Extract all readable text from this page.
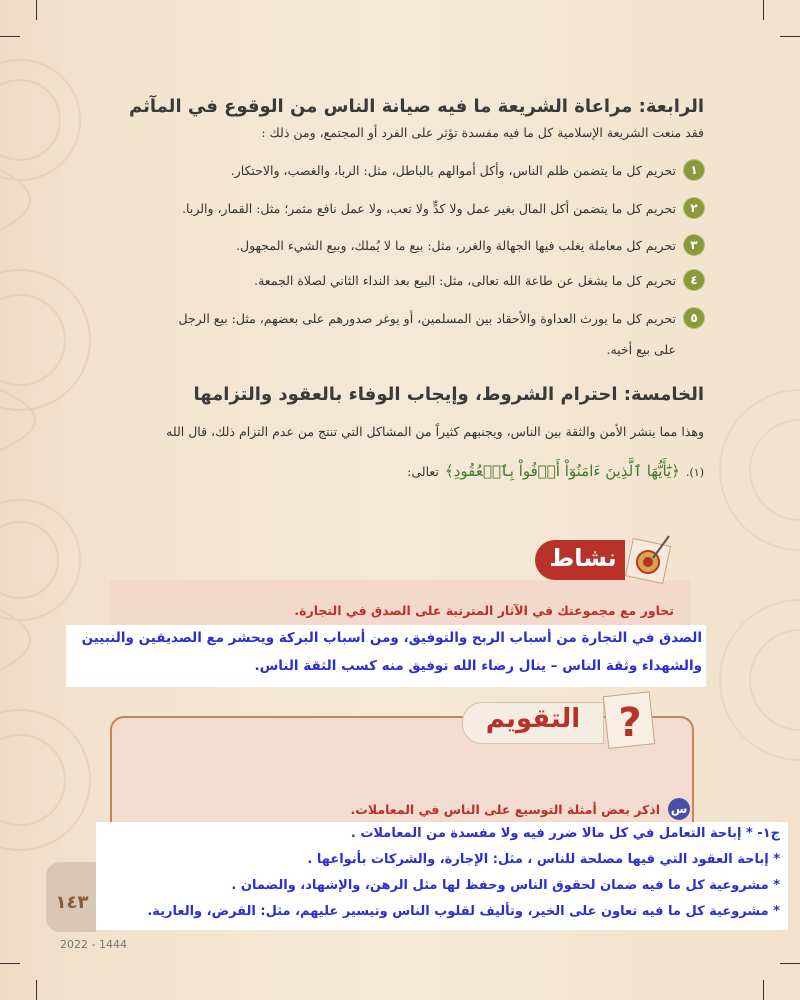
الرابعة: مراعاة الشريعة ما فيه صيانة الناس من الوقوع في المآثم
فقد منعت الشريعة الإسلامية كل ما فيه مفسدة تؤثر على الفرد أو المجتمع، ومن ذلك :
١
تحريم كل ما يتضمن ظلم الناس، وأكل أموالهم بالباطل، مثل: الربا، والغصب، والاحتكار.
٢
تحريم كل ما يتضمن أكل المال بغير عمل ولا كدٍّ ولا تعب، ولا عمل نافع مثمر؛ مثل: القمار، والربا.
٣
تحريم كل معاملة يغلب فيها الجهالة والغرر، مثل: بيع ما لا يُملك، وبيع الشيء المجهول.
٤
تحريم كل ما يشغل عن طاعة الله تعالى، مثل: البيع بعد النداء الثاني لصلاة الجمعة.
٥
تحريم كل ما يورث العداوة والأحقاد بين المسلمين، أو يوغر صدورهم على بعضهم، مثل: بيع الرجل
على بيع أخيه.
الخامسة: احترام الشروط، وإيجاب الوفاء بالعقود والتزامها
وهذا مما ينشر الأمن والثقة بين الناس، ويجنبهم كثيراً من المشاكل التي تنتج من عدم التزام ذلك، قال الله
تعالى: ﴿يَٰٓأَيُّهَا ٱلَّذِينَ ءَامَنُوٓاْ أَوۡفُواْ بِٱلۡعُقُودِ﴾ (١).
نشاط
تحاور مع مجموعتك في الآثار المترتبة على الصدق في التجارة.
الصدق في التجارة من أسباب الربح والتوفيق، ومن أسباب البركة ويحشر مع الصديقين والنبيين
والشهداء وثقة الناس – ينال رضاء الله توفيق منه كسب الثقة الناس.
التقويم ?
س
اذكر بعض أمثلة التوسيع على الناس في المعاملات.
ج١- * إباحة التعامل في كل مالا ضرر فيه ولا مفسدة من المعاملات .
* إباحة العقود التي فيها مصلحة للناس ، مثل: الإجارة، والشركات بأنواعها .
* مشروعية كل ما فيه ضمان لحقوق الناس وحفظ لها مثل الرهن، والإشهاد، والضمان .
* مشروعية كل ما فيه تعاون على الخير، وتأليف لقلوب الناس وتيسير عليهم، مثل: القرض، والعارية.
١٤٣
2022 - 1444
